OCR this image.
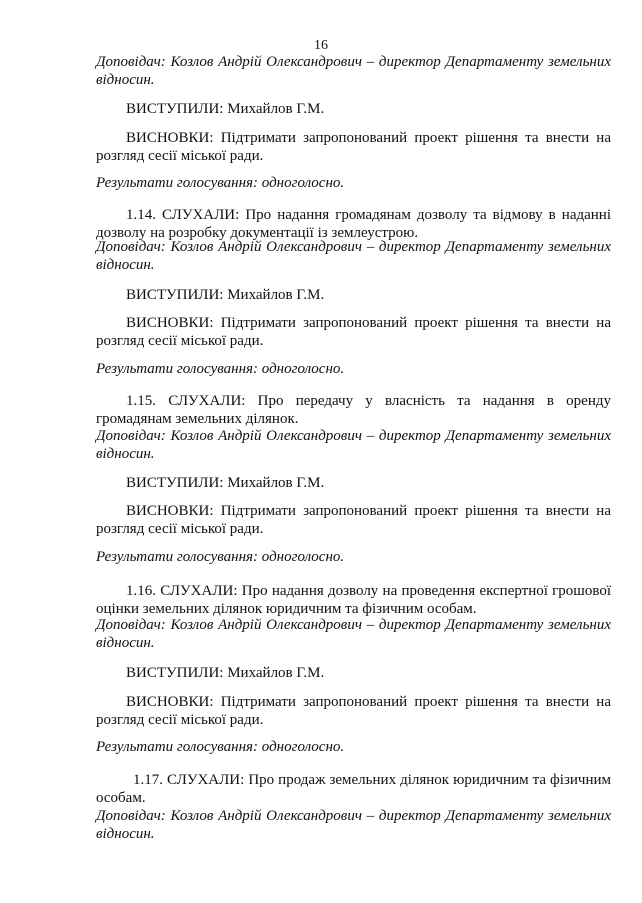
16
Доповідач: Козлов Андрій Олександрович – директор Департаменту земельних відносин.
ВИСТУПИЛИ: Михайлов Г.М.
ВИСНОВКИ: Підтримати запропонований проект рішення та внести на розгляд сесії міської ради.
Результати голосування: одноголосно.
1.14. СЛУХАЛИ: Про надання громадянам дозволу та відмову в наданні дозволу на розробку документації із землеустрою.
Доповідач: Козлов Андрій Олександрович – директор Департаменту земельних відносин.
ВИСТУПИЛИ: Михайлов Г.М.
ВИСНОВКИ: Підтримати запропонований проект рішення та внести на розгляд сесії міської ради.
Результати голосування: одноголосно.
1.15. СЛУХАЛИ: Про передачу у власність та надання в оренду громадянам земельних ділянок.
Доповідач: Козлов Андрій Олександрович – директор Департаменту земельних відносин.
ВИСТУПИЛИ: Михайлов Г.М.
ВИСНОВКИ: Підтримати запропонований проект рішення та внести на розгляд сесії міської ради.
Результати голосування: одноголосно.
1.16. СЛУХАЛИ: Про надання дозволу на проведення експертної грошової оцінки земельних ділянок юридичним та фізичним особам.
Доповідач: Козлов Андрій Олександрович – директор Департаменту земельних відносин.
ВИСТУПИЛИ: Михайлов Г.М.
ВИСНОВКИ: Підтримати запропонований проект рішення та внести на розгляд сесії міської ради.
Результати голосування: одноголосно.
1.17. СЛУХАЛИ: Про продаж земельних ділянок юридичним та фізичним особам.
Доповідач: Козлов Андрій Олександрович – директор Департаменту земельних відносин.
